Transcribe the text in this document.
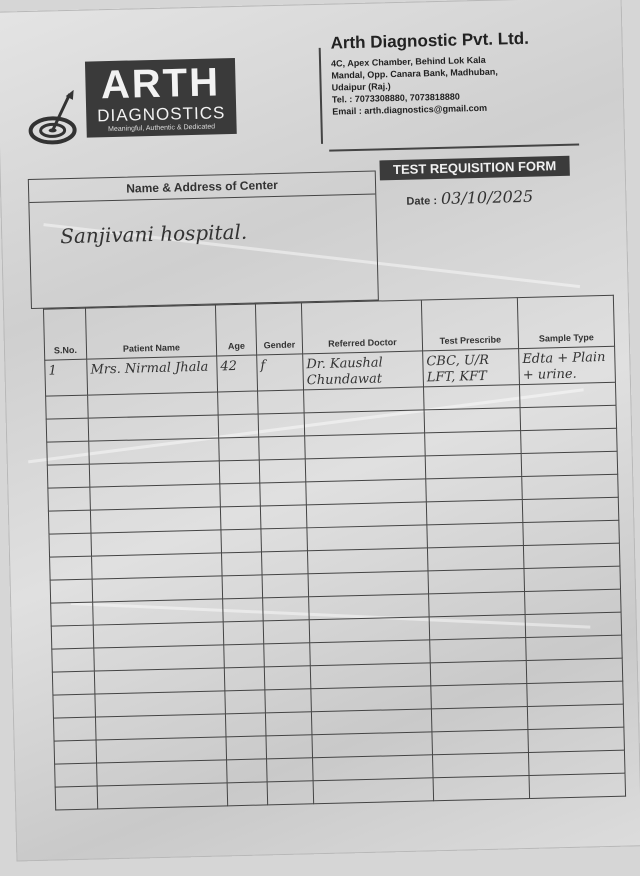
ARTH
DIAGNOSTICS
Meaningful, Authentic & Dedicated
Arth Diagnostic Pvt. Ltd.
4C, Apex Chamber, Behind Lok Kala
Mandal, Opp. Canara Bank, Madhuban,
Udaipur (Raj.)
Tel. : 7073308880, 7073818880
Email : arth.diagnostics@gmail.com
TEST REQUISITION FORM
Date : 03/10/2025
Name & Address of Center
Sanjivani hospital.
S.No.	Patient Name	Age	Gender	Referred Doctor	Test Prescribe	Sample Type
1	Mrs. Nirmal Jhala	42	f	Dr. Kaushal Chundawat	CBC, U/R LFT, KFT	Edta + Plain + urine.
